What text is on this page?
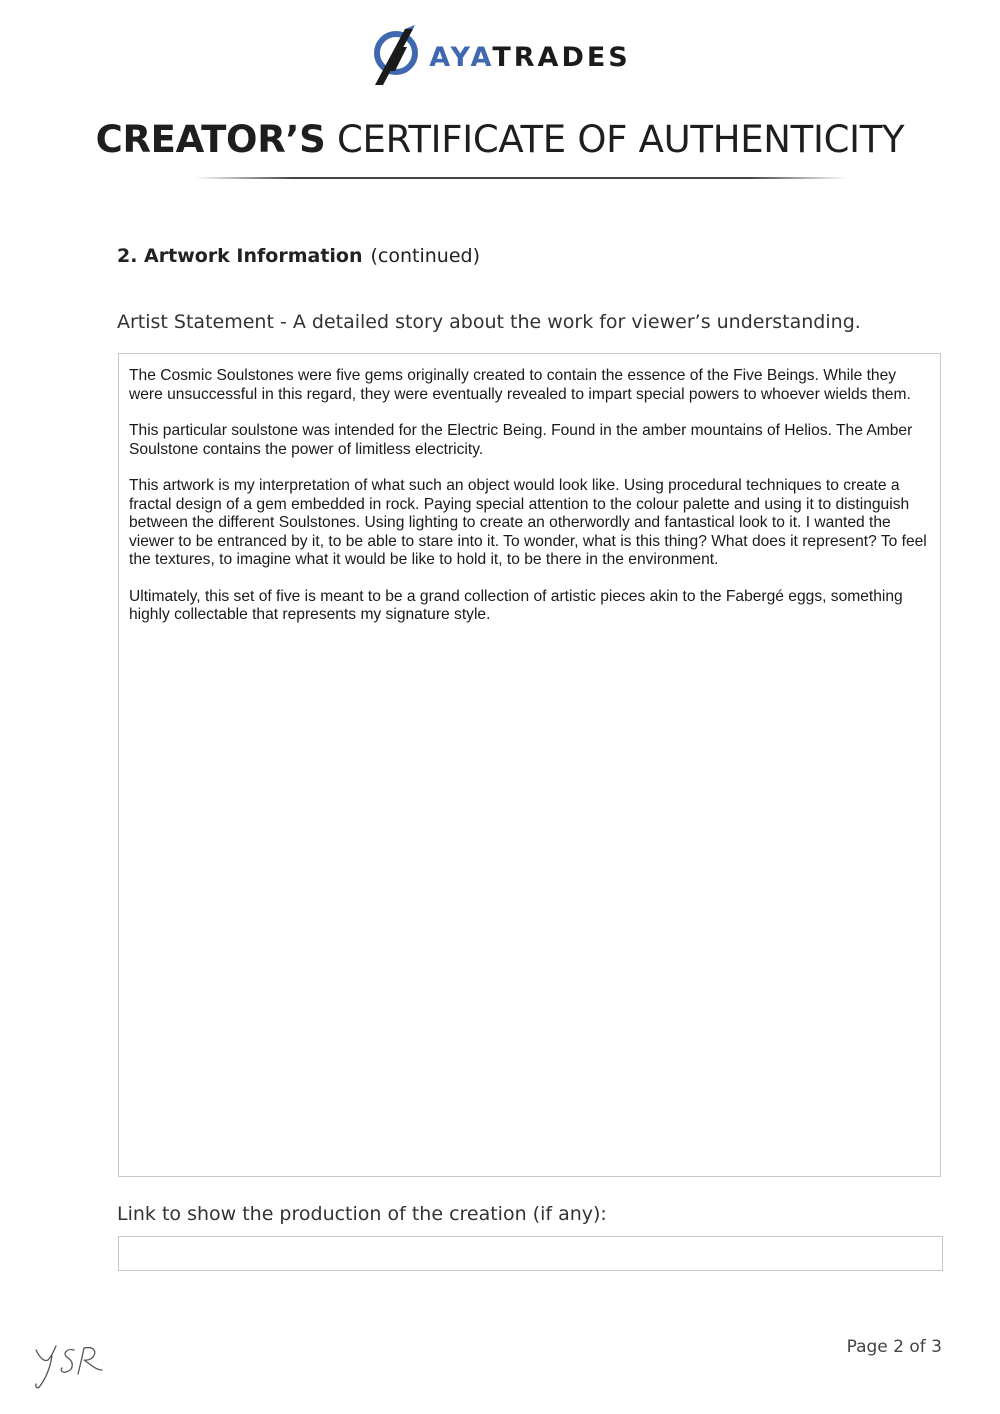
AYATRADES
CREATOR’S CERTIFICATE OF AUTHENTICITY
2. Artwork Information (continued)
Artist Statement - A detailed story about the work for viewer’s understanding.

The Cosmic Soulstones were five gems originally created to contain the essence of the Five Beings. While they were unsuccessful in this regard, they were eventually revealed to impart special powers to whoever wields them.

This particular soulstone was intended for the Electric Being. Found in the amber mountains of Helios. The Amber Soulstone contains the power of limitless electricity.

This artwork is my interpretation of what such an object would look like. Using procedural techniques to create a fractal design of a gem embedded in rock. Paying special attention to the colour palette and using it to distinguish between the different Soulstones. Using lighting to create an otherwordly and fantastical look to it. I wanted the viewer to be entranced by it, to be able to stare into it. To wonder, what is this thing? What does it represent? To feel the textures, to imagine what it would be like to hold it, to be there in the environment.

Ultimately, this set of five is meant to be a grand collection of artistic pieces akin to the Fabergé eggs, something highly collectable that represents my signature style.

Link to show the production of the creation (if any):
Page 2 of 3
